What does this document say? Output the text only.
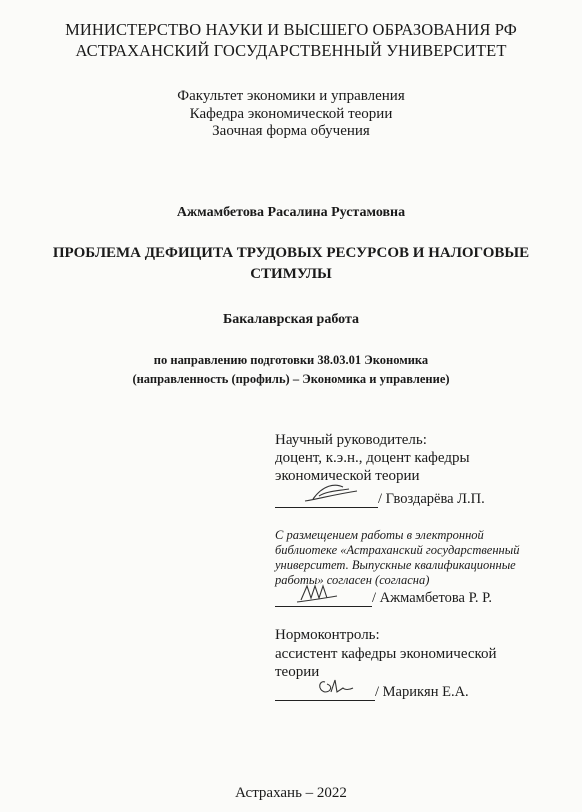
МИНИСТЕРСТВО НАУКИ И ВЫСШЕГО ОБРАЗОВАНИЯ РФ
АСТРАХАНСКИЙ ГОСУДАРСТВЕННЫЙ УНИВЕРСИТЕТ
Факультет экономики и управления
Кафедра экономической теории
Заочная форма обучения
Ажмамбетова Расалина Рустамовна
ПРОБЛЕМА ДЕФИЦИТА ТРУДОВЫХ РЕСУРСОВ И НАЛОГОВЫЕ
СТИМУЛЫ
Бакалаврская работа
по направлению подготовки 38.03.01 Экономика
(направленность (профиль) – Экономика и управление)
Научный руководитель:
доцент, к.э.н., доцент кафедры
экономической теории
/ Гвоздарёва Л.П.
С размещением работы в электронной
библиотеке «Астраханский государственный
университет. Выпускные квалификационные
работы» согласен (согласна)
/ Ажмамбетова Р. Р.
Нормоконтроль:
ассистент кафедры экономической
теории
/ Марикян Е.А.
Астрахань – 2022
